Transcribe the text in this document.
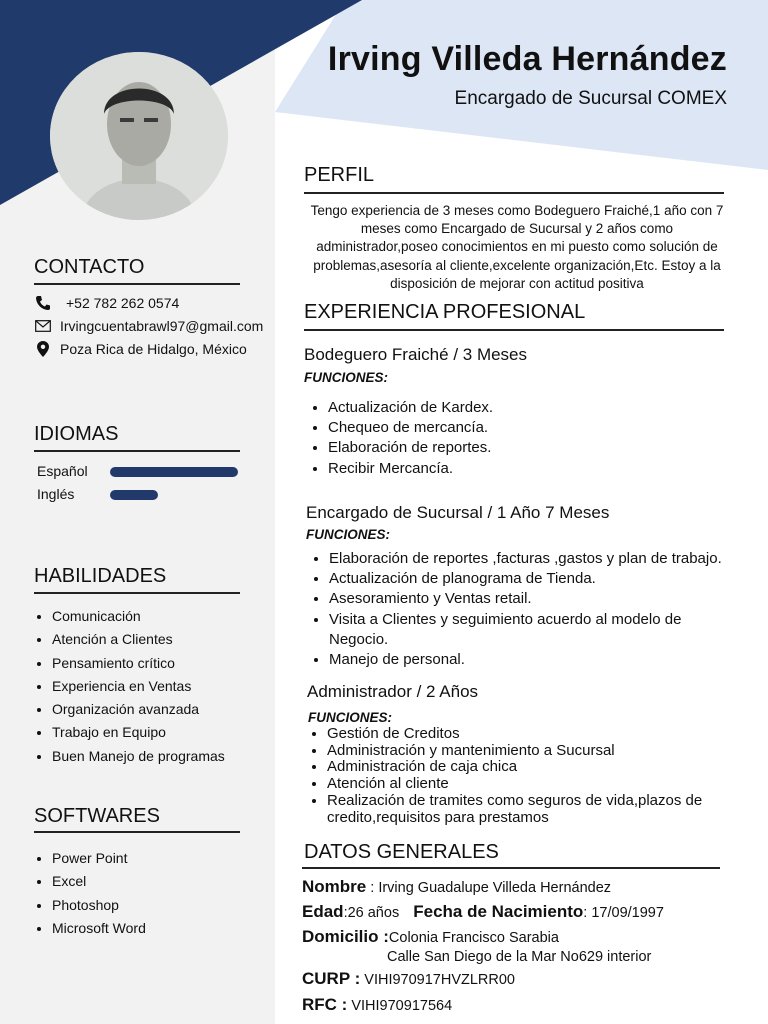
Irving Villeda Hernández
Encargado de Sucursal COMEX
CONTACTO
+52 782 262 0574
Irvingcuentabrawl97@gmail.com
Poza Rica de Hidalgo, México
IDIOMAS
Español
Inglés
HABILIDADES
• Comunicación
• Atención a Clientes
• Pensamiento crítico
• Experiencia en Ventas
• Organización avanzada
• Trabajo en Equipo
• Buen Manejo de programas
SOFTWARES
• Power Point
• Excel
• Photoshop
• Microsoft Word
PERFIL
Tengo experiencia de 3 meses como Bodeguero Fraiché,1 año con 7 meses como Encargado de Sucursal y 2 años como administrador,poseo conocimientos en mi puesto como solución de problemas,asesoría al cliente,excelente organización,Etc. Estoy a la disposición de mejorar con actitud positiva
EXPERIENCIA PROFESIONAL
Bodeguero Fraiché / 3 Meses
FUNCIONES:
• Actualización de Kardex.
• Chequeo de mercancía.
• Elaboración de reportes.
• Recibir Mercancía.
Encargado de Sucursal / 1 Año 7 Meses
FUNCIONES:
• Elaboración de reportes ,facturas ,gastos y plan de trabajo.
• Actualización de planograma de Tienda.
• Asesoramiento y Ventas retail.
• Visita a Clientes y seguimiento acuerdo al modelo de Negocio.
• Manejo de personal.
Administrador / 2 Años
FUNCIONES:
• Gestión de Creditos
• Administración y mantenimiento a Sucursal
• Administración de caja chica
• Atención al cliente
• Realización de tramites como seguros de vida,plazos de credito,requisitos para prestamos
DATOS GENERALES
Nombre : Irving Guadalupe Villeda Hernández
Edad:26 años Fecha de Nacimiento: 17/09/1997
Domicilio :Colonia Francisco Sarabia
Calle San Diego de la Mar No629 interior
CURP : VIHI970917HVZLRR00
RFC : VIHI970917564
